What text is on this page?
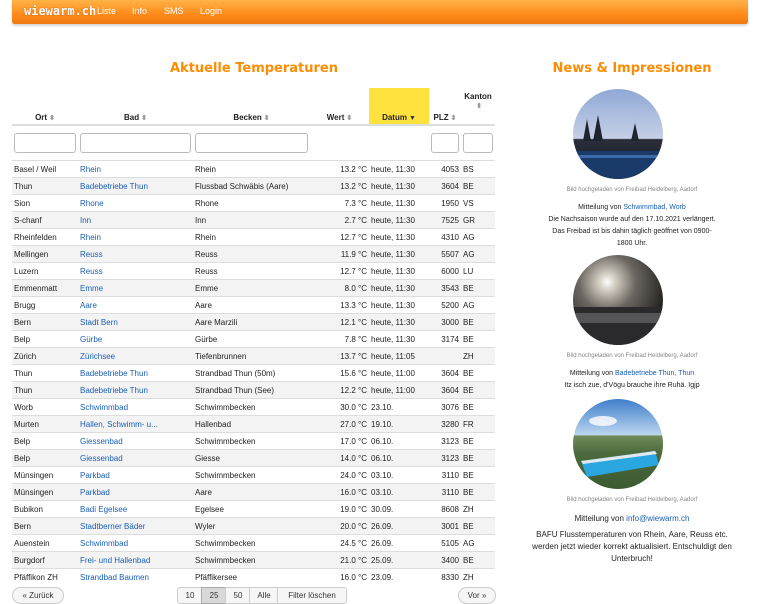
wiewarm.ch Liste Info SMS Login
Aktuelle Temperaturen
Ort ⬍	Bad ⬍	Becken ⬍	Wert ⬍	Datum ▼	PLZ ⬍	Kanton
⬍

Basel / Weil	Rhein	Rhein	13.2 °C	heute, 11:30	4053	BS
Thun	Badebetriebe Thun	Flussbad Schwäbis (Aare)	13.2 °C	heute, 11:30	3604	BE
Sion	Rhone	Rhone	7.3 °C	heute, 11:30	1950	VS
S-chanf	Inn	Inn	2.7 °C	heute, 11:30	7525	GR
Rheinfelden	Rhein	Rhein	12.7 °C	heute, 11:30	4310	AG
Mellingen	Reuss	Reuss	11.9 °C	heute, 11:30	5507	AG
Luzern	Reuss	Reuss	12.7 °C	heute, 11:30	6000	LU
Emmenmatt	Emme	Emme	8.0 °C	heute, 11:30	3543	BE
Brugg	Aare	Aare	13.3 °C	heute, 11:30	5200	AG
Bern	Stadt Bern	Aare Marzili	12.1 °C	heute, 11:30	3000	BE
Belp	Gürbe	Gürbe	7.8 °C	heute, 11:30	3174	BE
Zürich	Zürichsee	Tiefenbrunnen	13.7 °C	heute, 11:05		ZH
Thun	Badebetriebe Thun	Strandbad Thun (50m)	15.6 °C	heute, 11:00	3604	BE
Thun	Badebetriebe Thun	Strandbad Thun (See)	12.2 °C	heute, 11:00	3604	BE
Worb	Schwimmbad	Schwimmbecken	30.0 °C	23.10.	3076	BE
Murten	Hallen, Schwimm- u...	Hallenbad	27.0 °C	19.10.	3280	FR
Belp	Giessenbad	Schwimmbecken	17.0 °C	06.10.	3123	BE
Belp	Giessenbad	Giesse	14.0 °C	06.10.	3123	BE
Münsingen	Parkbad	Schwimmbecken	24.0 °C	03.10.	3110	BE
Münsingen	Parkbad	Aare	16.0 °C	03.10.	3110	BE
Bubikon	Badi Egelsee	Egelsee	19.0 °C	30.09.	8608	ZH
Bern	Stadtberner Bäder	Wyler	20.0 °C	26.09.	3001	BE
Auenstein	Schwimmbad	Schwimmbecken	24.5 °C	26.09.	5105	AG
Burgdorf	Frei- und Hallenbad	Schwimmbecken	21.0 °C	25.09.	3400	BE
Pfäffikon ZH	Strandbad Baumen	Pfäffikersee	16.0 °C	23.09.	8330	ZH
« Zurück	10	25	50	Alle	Filter löschen	Vor »
News & Impressionen
Bild hochgeladen von Freibad Heidelberg, Aadorf
Mitteilung von Schwimmbad, Worb
Die Nachsaison wurde auf den 17.10.2021 verlängert.
Das Freibad ist bis dahin täglich geöffnet von 0900-
1800 Uhr.
Bild hochgeladen von Freibad Heidelberg, Aadorf
Mitteilung von Badebetriebe Thun, Thun
Itz isch zue, d'Vögu brauche ihre Ruhä. Igjp
Bild hochgeladen von Freibad Heidelberg, Aadorf
Mitteilung von info@wiewarm.ch
BAFU Flusstemperaturen von Rhein, Aare, Reuss etc.
werden jetzt wieder korrekt aktualisiert. Entschuldigt den
Unterbruch!
